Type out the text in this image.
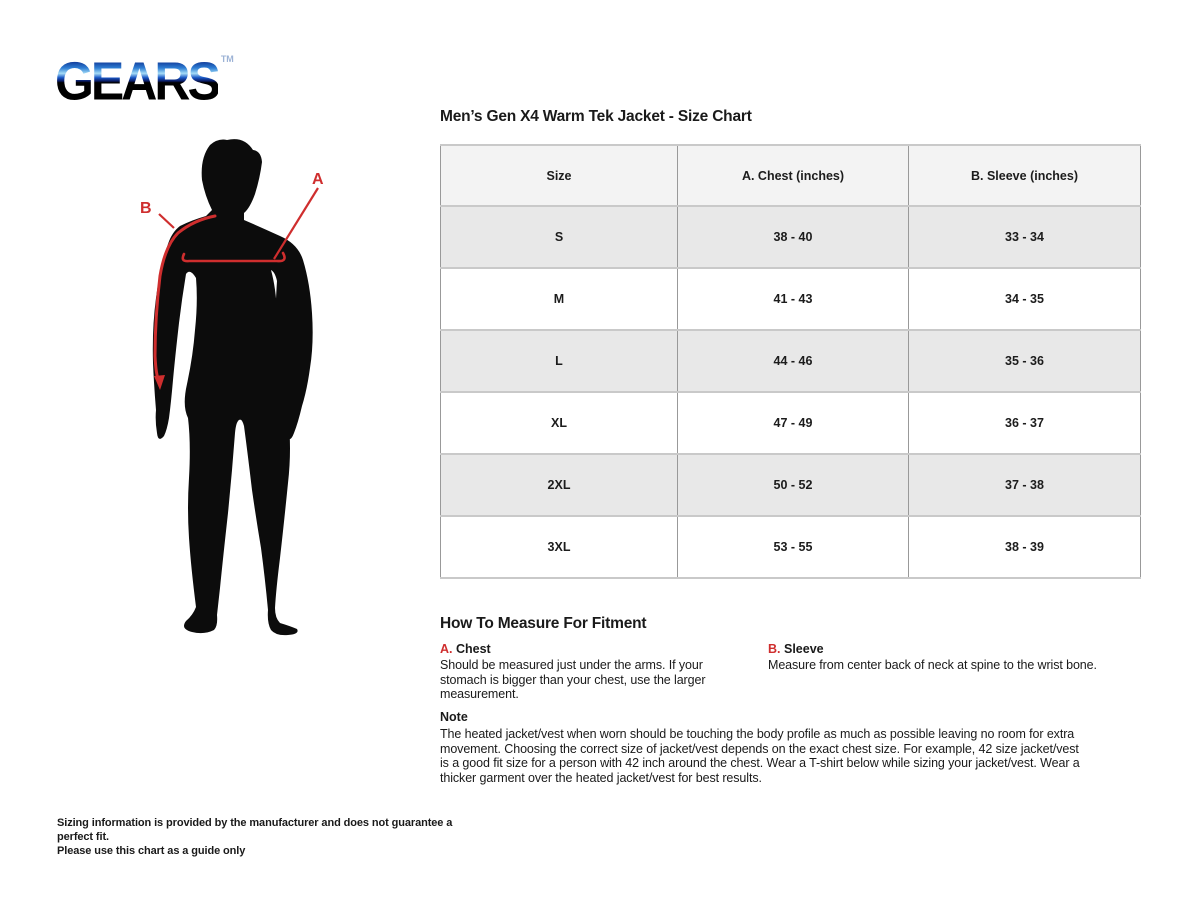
GEARS TM
A
B
Men’s Gen X4 Warm Tek Jacket - Size Chart
Size	A. Chest (inches)	B. Sleeve (inches)
S	38 - 40	33 - 34
M	41 - 43	34 - 35
L	44 - 46	35 - 36
XL	47 - 49	36 - 37
2XL	50 - 52	37 - 38
3XL	53 - 55	38 - 39
How To Measure For Fitment
A. Chest
Should be measured just under the arms. If your stomach is bigger than your chest, use the larger measurement.
B. Sleeve
Measure from center back of neck at spine to the wrist bone.
Note
The heated jacket/vest when worn should be touching the body profile as much as possible leaving no room for extra movement. Choosing the correct size of jacket/vest depends on the exact chest size. For example, 42 size jacket/vest is a good fit size for a person with 42 inch around the chest. Wear a T-shirt below while sizing your jacket/vest. Wear a thicker garment over the heated jacket/vest for best results.
Sizing information is provided by the manufacturer and does not guarantee a perfect fit.
Please use this chart as a guide only
